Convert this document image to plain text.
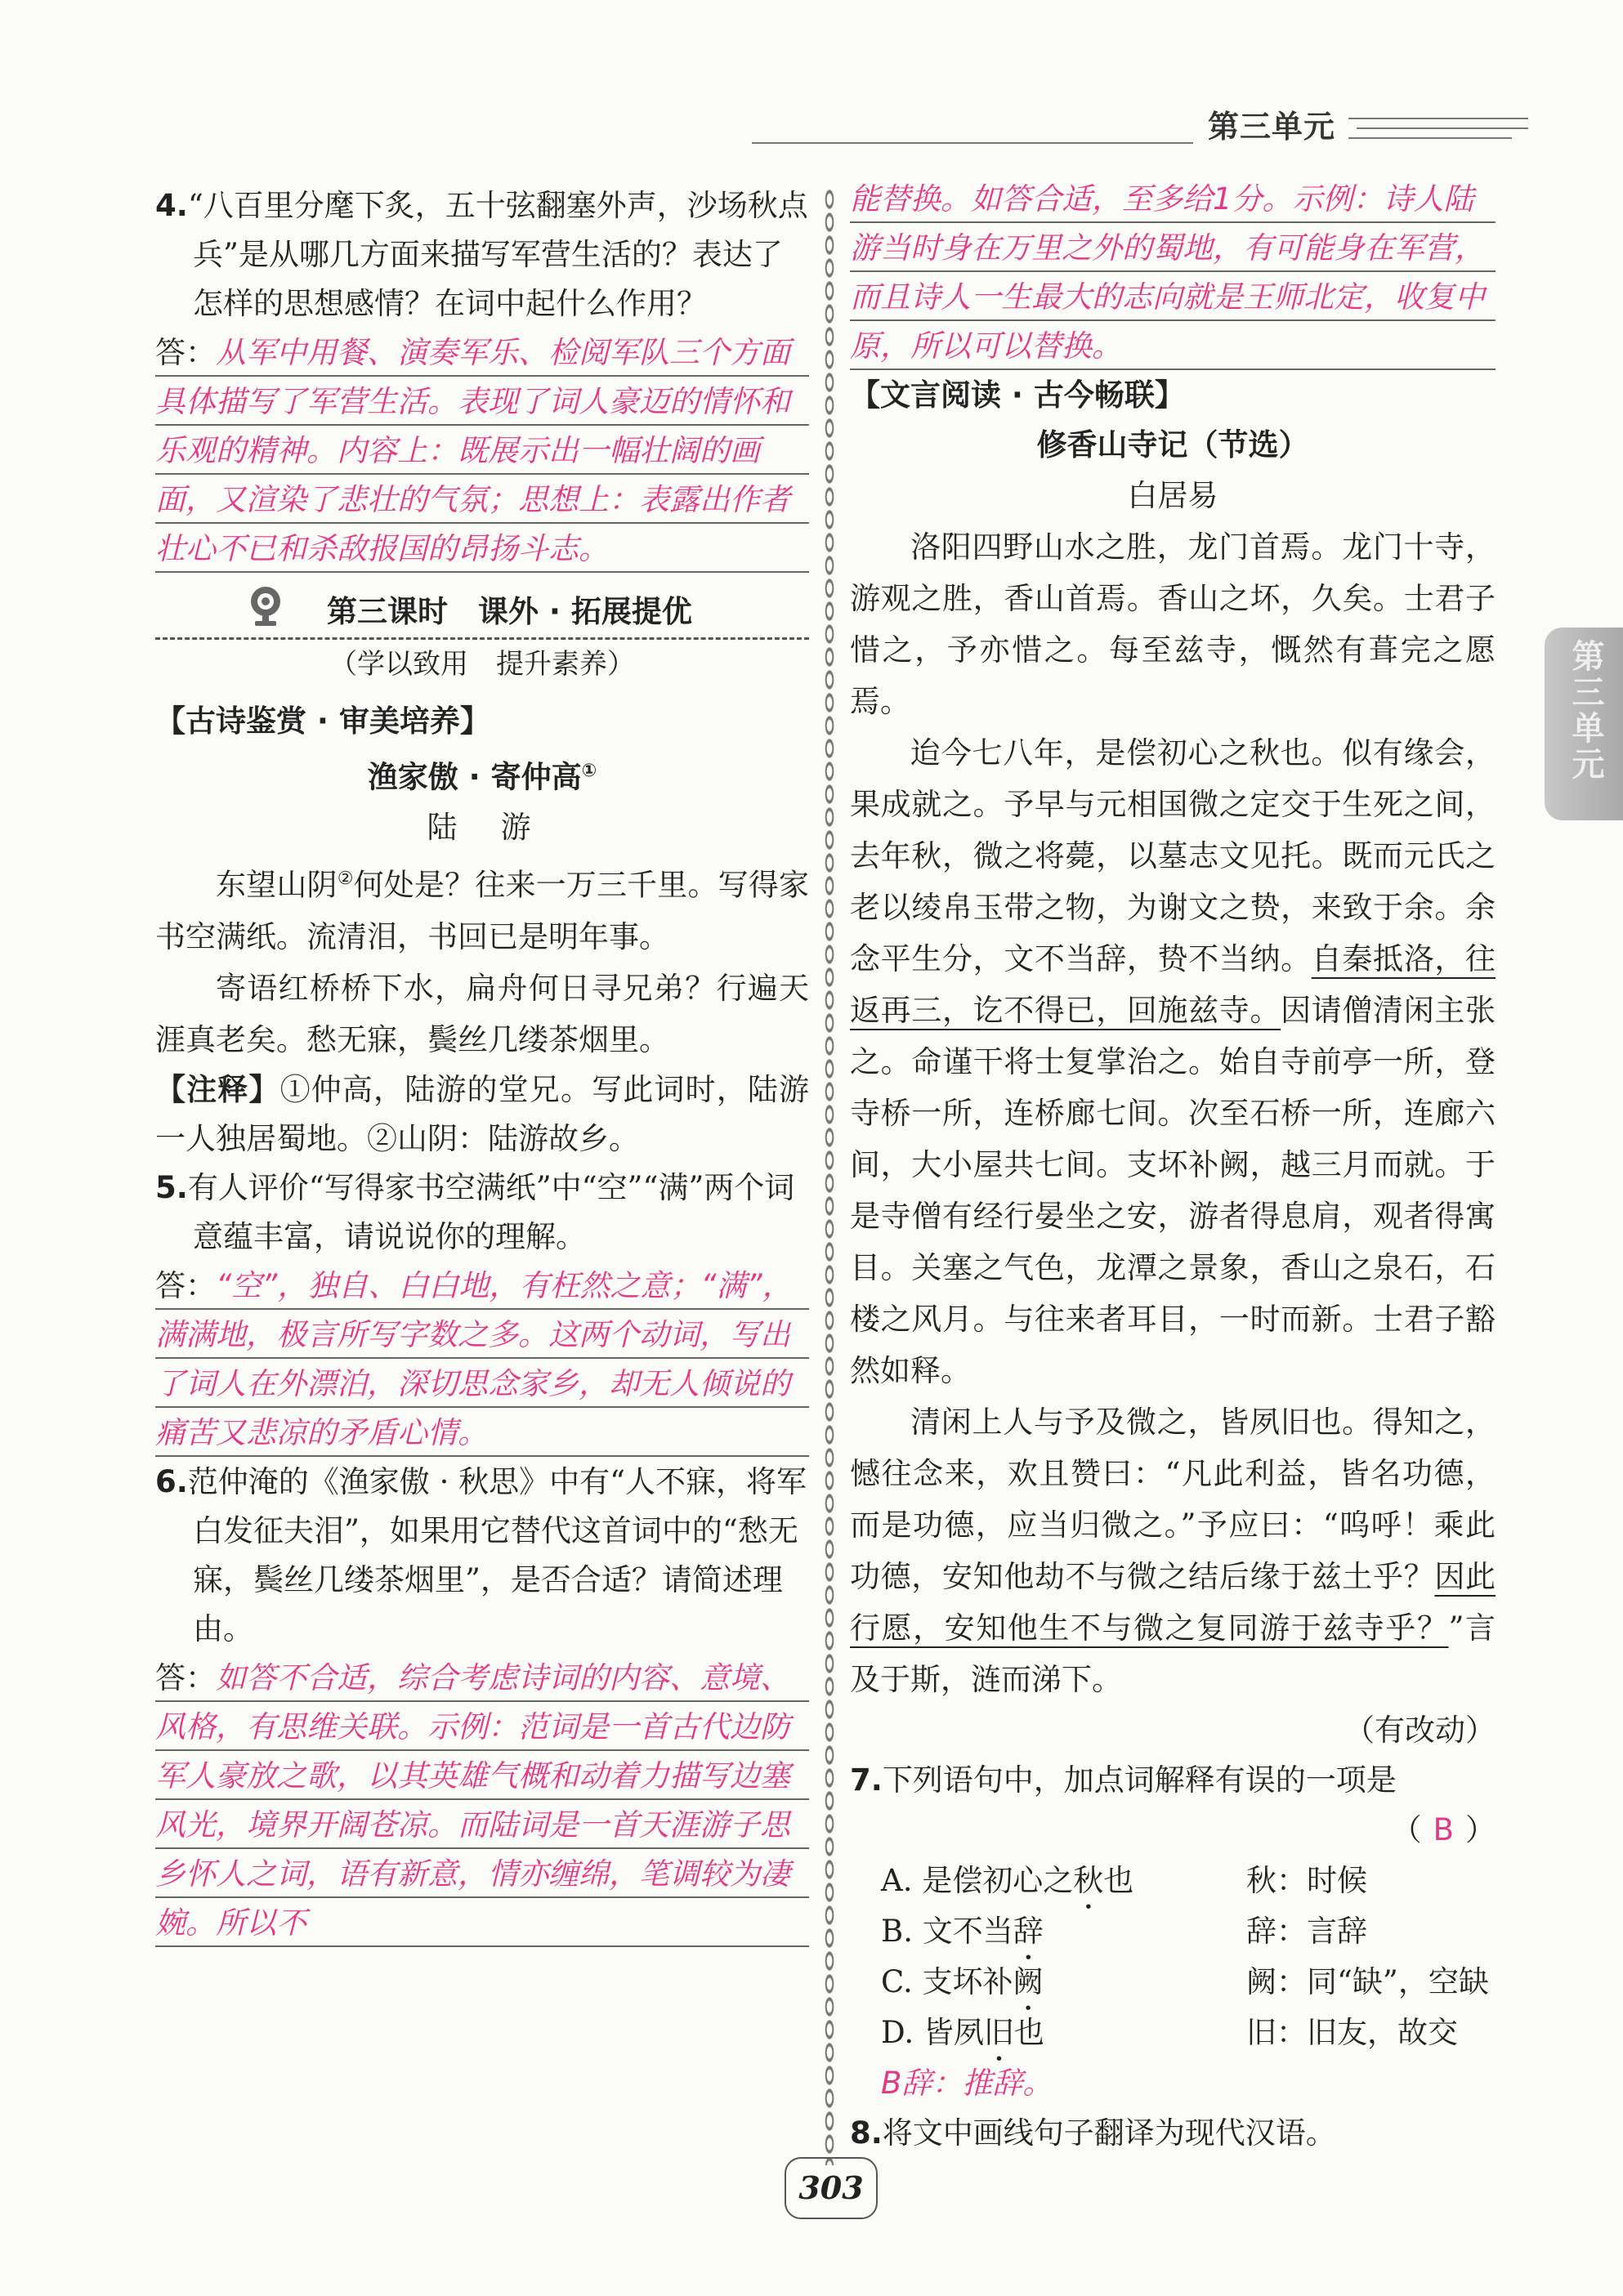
第三单元
第三单元

4.“八百里分麾下炙，五十弦翻塞外声，沙场秋点兵”是从哪几方面来描写军营生活的？表达了怎样的思想感情？在词中起什么作用？

答：从军中用餐、演奏军乐、检阅军队三个方面具体描写了军营生活。表现了词人豪迈的情怀和乐观的精神。内容上：既展示出一幅壮阔的画面，又渲染了悲壮的气氛；思想上：表露出作者壮心不已和杀敌报国的昂扬斗志。

第三课时　课外 · 拓展提优

（学以致用　提升素养）

【古诗鉴赏 · 审美培养】

渔家傲 · 寄仲高①

陆　游

东望山阴②何处是？往来一万三千里。写得家书空满纸。流清泪，书回已是明年事。

寄语红桥桥下水，扁舟何日寻兄弟？行遍天涯真老矣。愁无寐，鬓丝几缕茶烟里。

【注释】①仲高，陆游的堂兄。写此词时，陆游一人独居蜀地。②山阴：陆游故乡。

5.有人评价“写得家书空满纸”中“空”“满”两个词意蕴丰富，请说说你的理解。

答：“空”，独自、白白地，有枉然之意；“满”，满满地，极言所写字数之多。这两个动词，写出了词人在外漂泊，深切思念家乡，却无人倾说的痛苦又悲凉的矛盾心情。

6.范仲淹的《渔家傲 · 秋思》中有“人不寐，将军白发征夫泪”，如果用它替代这首词中的“愁无寐，鬓丝几缕茶烟里”，是否合适？请简述理由。

答：如答不合适，综合考虑诗词的内容、意境、风格，有思维关联。示例：范词是一首古代边防军人豪放之歌，以其英雄气概和动着力描写边塞风光，境界开阔苍凉。而陆词是一首天涯游子思乡怀人之词，语有新意，情亦缠绵，笔调较为凄婉。所以不

能替换。如答合适，至多给1分。示例：诗人陆游当时身在万里之外的蜀地，有可能身在军营，而且诗人一生最大的志向就是王师北定，收复中原，所以可以替换。

【文言阅读 · 古今畅联】

修香山寺记（节选）

白居易

洛阳四野山水之胜，龙门首焉。龙门十寺，游观之胜，香山首焉。香山之坏，久矣。士君子惜之，予亦惜之。每至兹寺，慨然有葺完之愿焉。

迨今七八年，是偿初心之秋也。似有缘会，果成就之。予早与元相国微之定交于生死之间，去年秋，微之将薨，以墓志文见托。既而元氏之老以绫帛玉带之物，为谢文之贽，来致于余。余念平生分，文不当辞，贽不当纳。自秦抵洛，往返再三，讫不得已，回施兹寺。因请僧清闲主张之。命谨干将士复掌治之。始自寺前亭一所，登寺桥一所，连桥廊七间。次至石桥一所，连廊六间，大小屋共七间。支坏补阙，越三月而就。于是寺僧有经行晏坐之安，游者得息肩，观者得寓目。关塞之气色，龙潭之景象，香山之泉石，石楼之风月。与往来者耳目，一时而新。士君子豁然如释。

清闲上人与予及微之，皆夙旧也。得知之，憾往念来，欢且赞曰：“凡此利益，皆名功德，而是功德，应当归微之。”予应曰：“呜呼！乘此功德，安知他劫不与微之结后缘于兹土乎？因此行愿，安知他生不与微之复同游于兹寺乎？”言及于斯，涟而涕下。

（有改动）

7.下列语句中，加点词解释有误的一项是

（ B ）

A. 是偿初心之秋也	秋：时候
B. 文不当辞	辞：言辞
C. 支坏补阙	阙：同“缺”，空缺
D. 皆夙旧也	旧：旧友，故交

B辞：推辞。

8.将文中画线句子翻译为现代汉语。

303
